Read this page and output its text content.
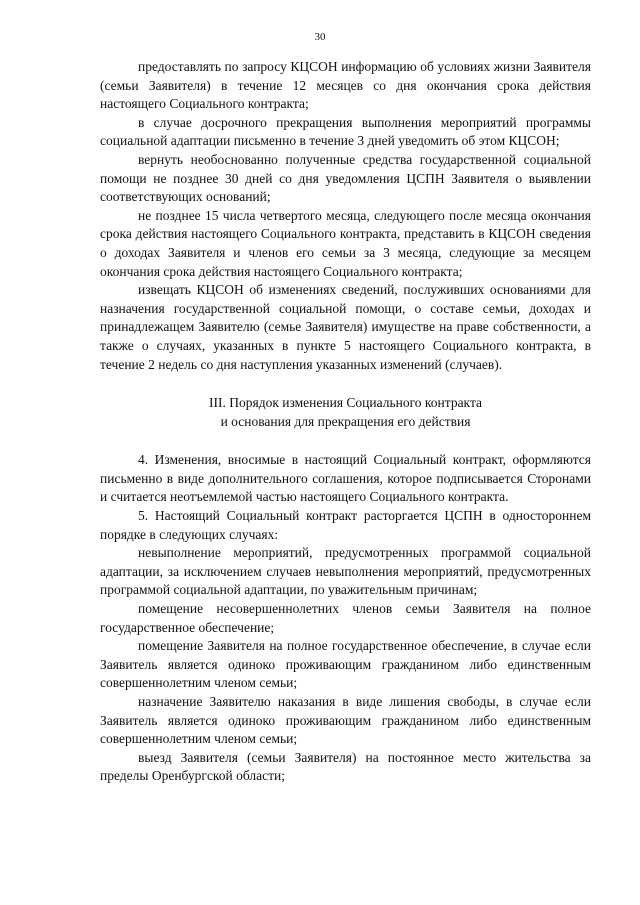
30

предоставлять по запросу КЦСОН информацию об условиях жизни Заявителя (семьи Заявителя) в течение 12 месяцев со дня окончания срока действия настоящего Социального контракта;

в случае досрочного прекращения выполнения мероприятий программы социальной адаптации письменно в течение 3 дней уведомить об этом КЦСОН;

вернуть необоснованно полученные средства государственной социальной помощи не позднее 30 дней со дня уведомления ЦСПН Заявителя о выявлении соответствующих оснований;

не позднее 15 числа четвертого месяца, следующего после месяца окончания срока действия настоящего Социального контракта, представить в КЦСОН сведения о доходах Заявителя и членов его семьи за 3 месяца, следующие за месяцем окончания срока действия настоящего Социального контракта;

извещать КЦСОН об изменениях сведений, послуживших основаниями для назначения государственной социальной помощи, о составе семьи, доходах и принадлежащем Заявителю (семье Заявителя) имуществе на праве собственности, а также о случаях, указанных в пункте 5 настоящего Социального контракта, в течение 2 недель со дня наступления указанных изменений (случаев).

III. Порядок изменения Социального контракта
и основания для прекращения его действия

4. Изменения, вносимые в настоящий Социальный контракт, оформляются письменно в виде дополнительного соглашения, которое подписывается Сторонами и считается неотъемлемой частью настоящего Социального контракта.

5. Настоящий Социальный контракт расторгается ЦСПН в одностороннем порядке в следующих случаях:

невыполнение мероприятий, предусмотренных программой социальной адаптации, за исключением случаев невыполнения мероприятий, предусмотренных программой социальной адаптации, по уважительным причинам;

помещение несовершеннолетних членов семьи Заявителя на полное государственное обеспечение;

помещение Заявителя на полное государственное обеспечение, в случае если Заявитель является одиноко проживающим гражданином либо единственным совершеннолетним членом семьи;

назначение Заявителю наказания в виде лишения свободы, в случае если Заявитель является одиноко проживающим гражданином либо единственным совершеннолетним членом семьи;

выезд Заявителя (семьи Заявителя) на постоянное место жительства за пределы Оренбургской области;
